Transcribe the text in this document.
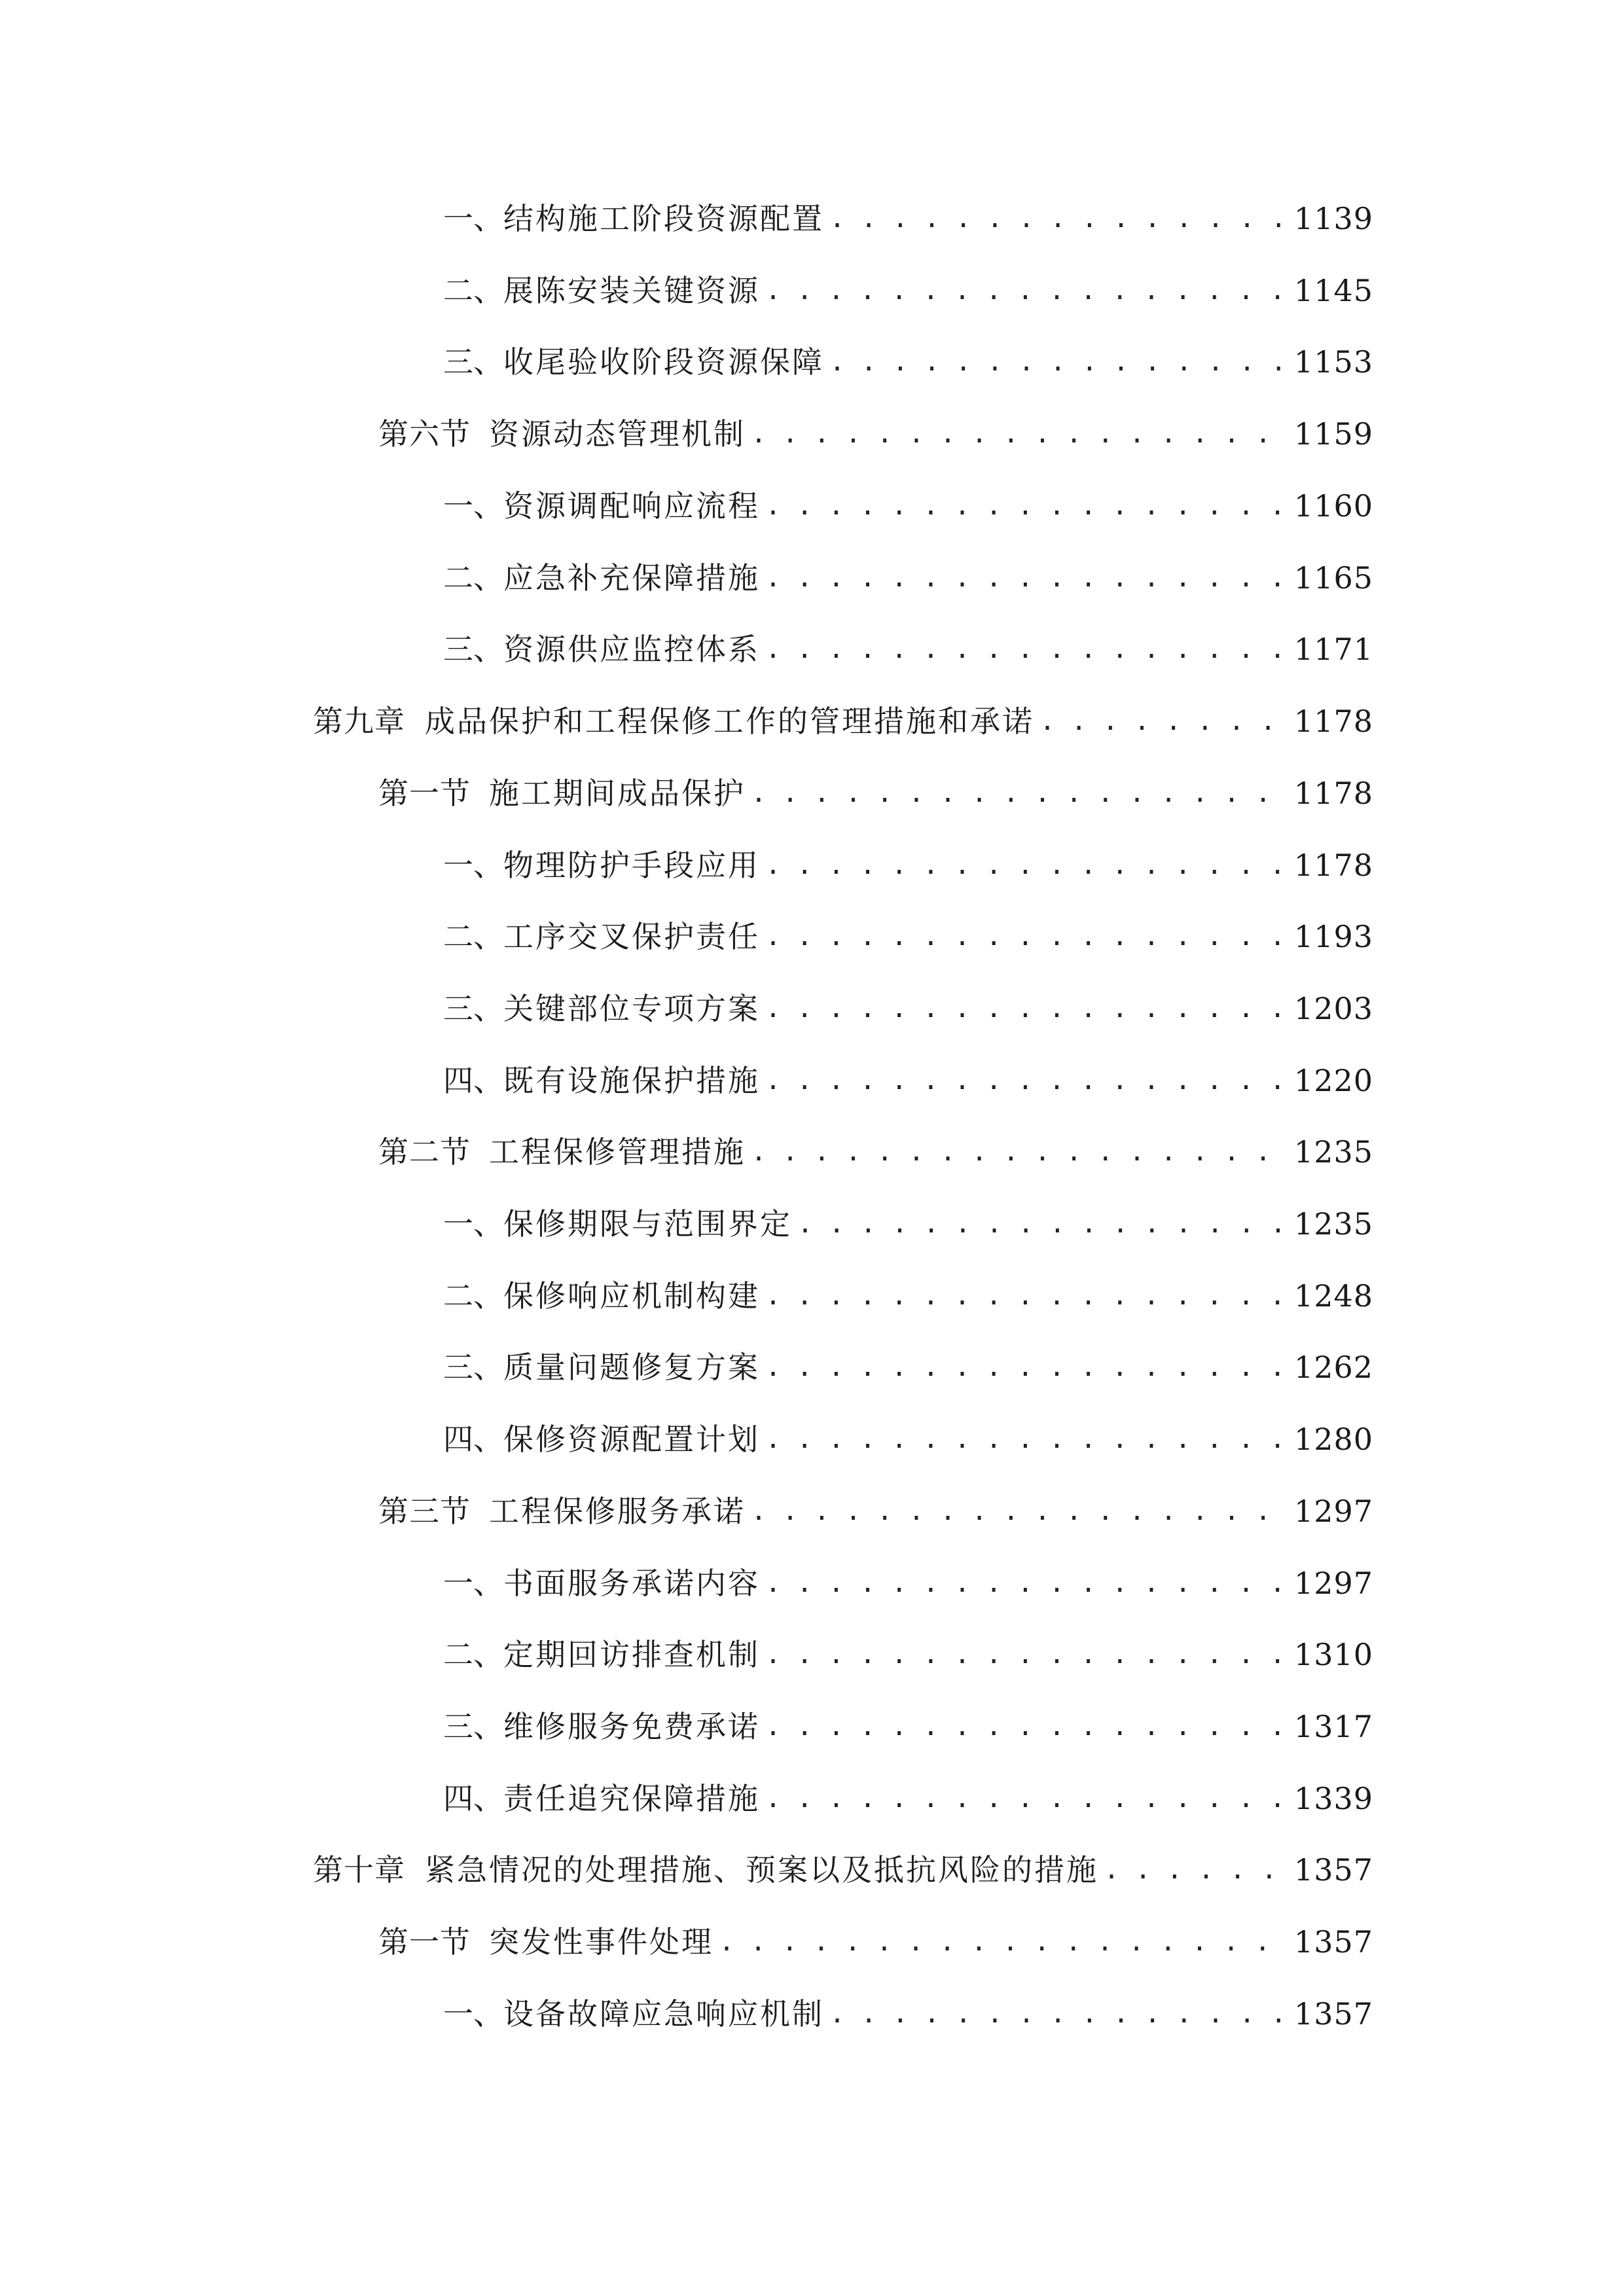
一、 结构施工阶段资源配置 . . .	1139
二、 展陈安装关键资源 . . .	1145
三、 收尾验收阶段资源保障 . . .	1153
第六节 资源动态管理机制 . . .	1159
一、 资源调配响应流程 . . .	1160
二、 应急补充保障措施 . . .	1165
三、 资源供应监控体系 . . .	1171
第九章 成品保护和工程保修工作的管理措施和承诺 . . .	1178
第一节 施工期间成品保护 . . .	1178
一、 物理防护手段应用 . . .	1178
二、 工序交叉保护责任 . . .	1193
三、 关键部位专项方案 . . .	1203
四、 既有设施保护措施 . . .	1220
第二节 工程保修管理措施 . . .	1235
一、 保修期限与范围界定 . . .	1235
二、 保修响应机制构建 . . .	1248
三、 质量问题修复方案 . . .	1262
四、 保修资源配置计划 . . .	1280
第三节 工程保修服务承诺 . . .	1297
一、 书面服务承诺内容 . . .	1297
二、 定期回访排查机制 . . .	1310
三、 维修服务免费承诺 . . .	1317
四、 责任追究保障措施 . . .	1339
第十章 紧急情况的处理措施、预案以及抵抗风险的措施 . . .	1357
第一节 突发性事件处理 . . .	1357
一、 设备故障应急响应机制 . . .	1357
